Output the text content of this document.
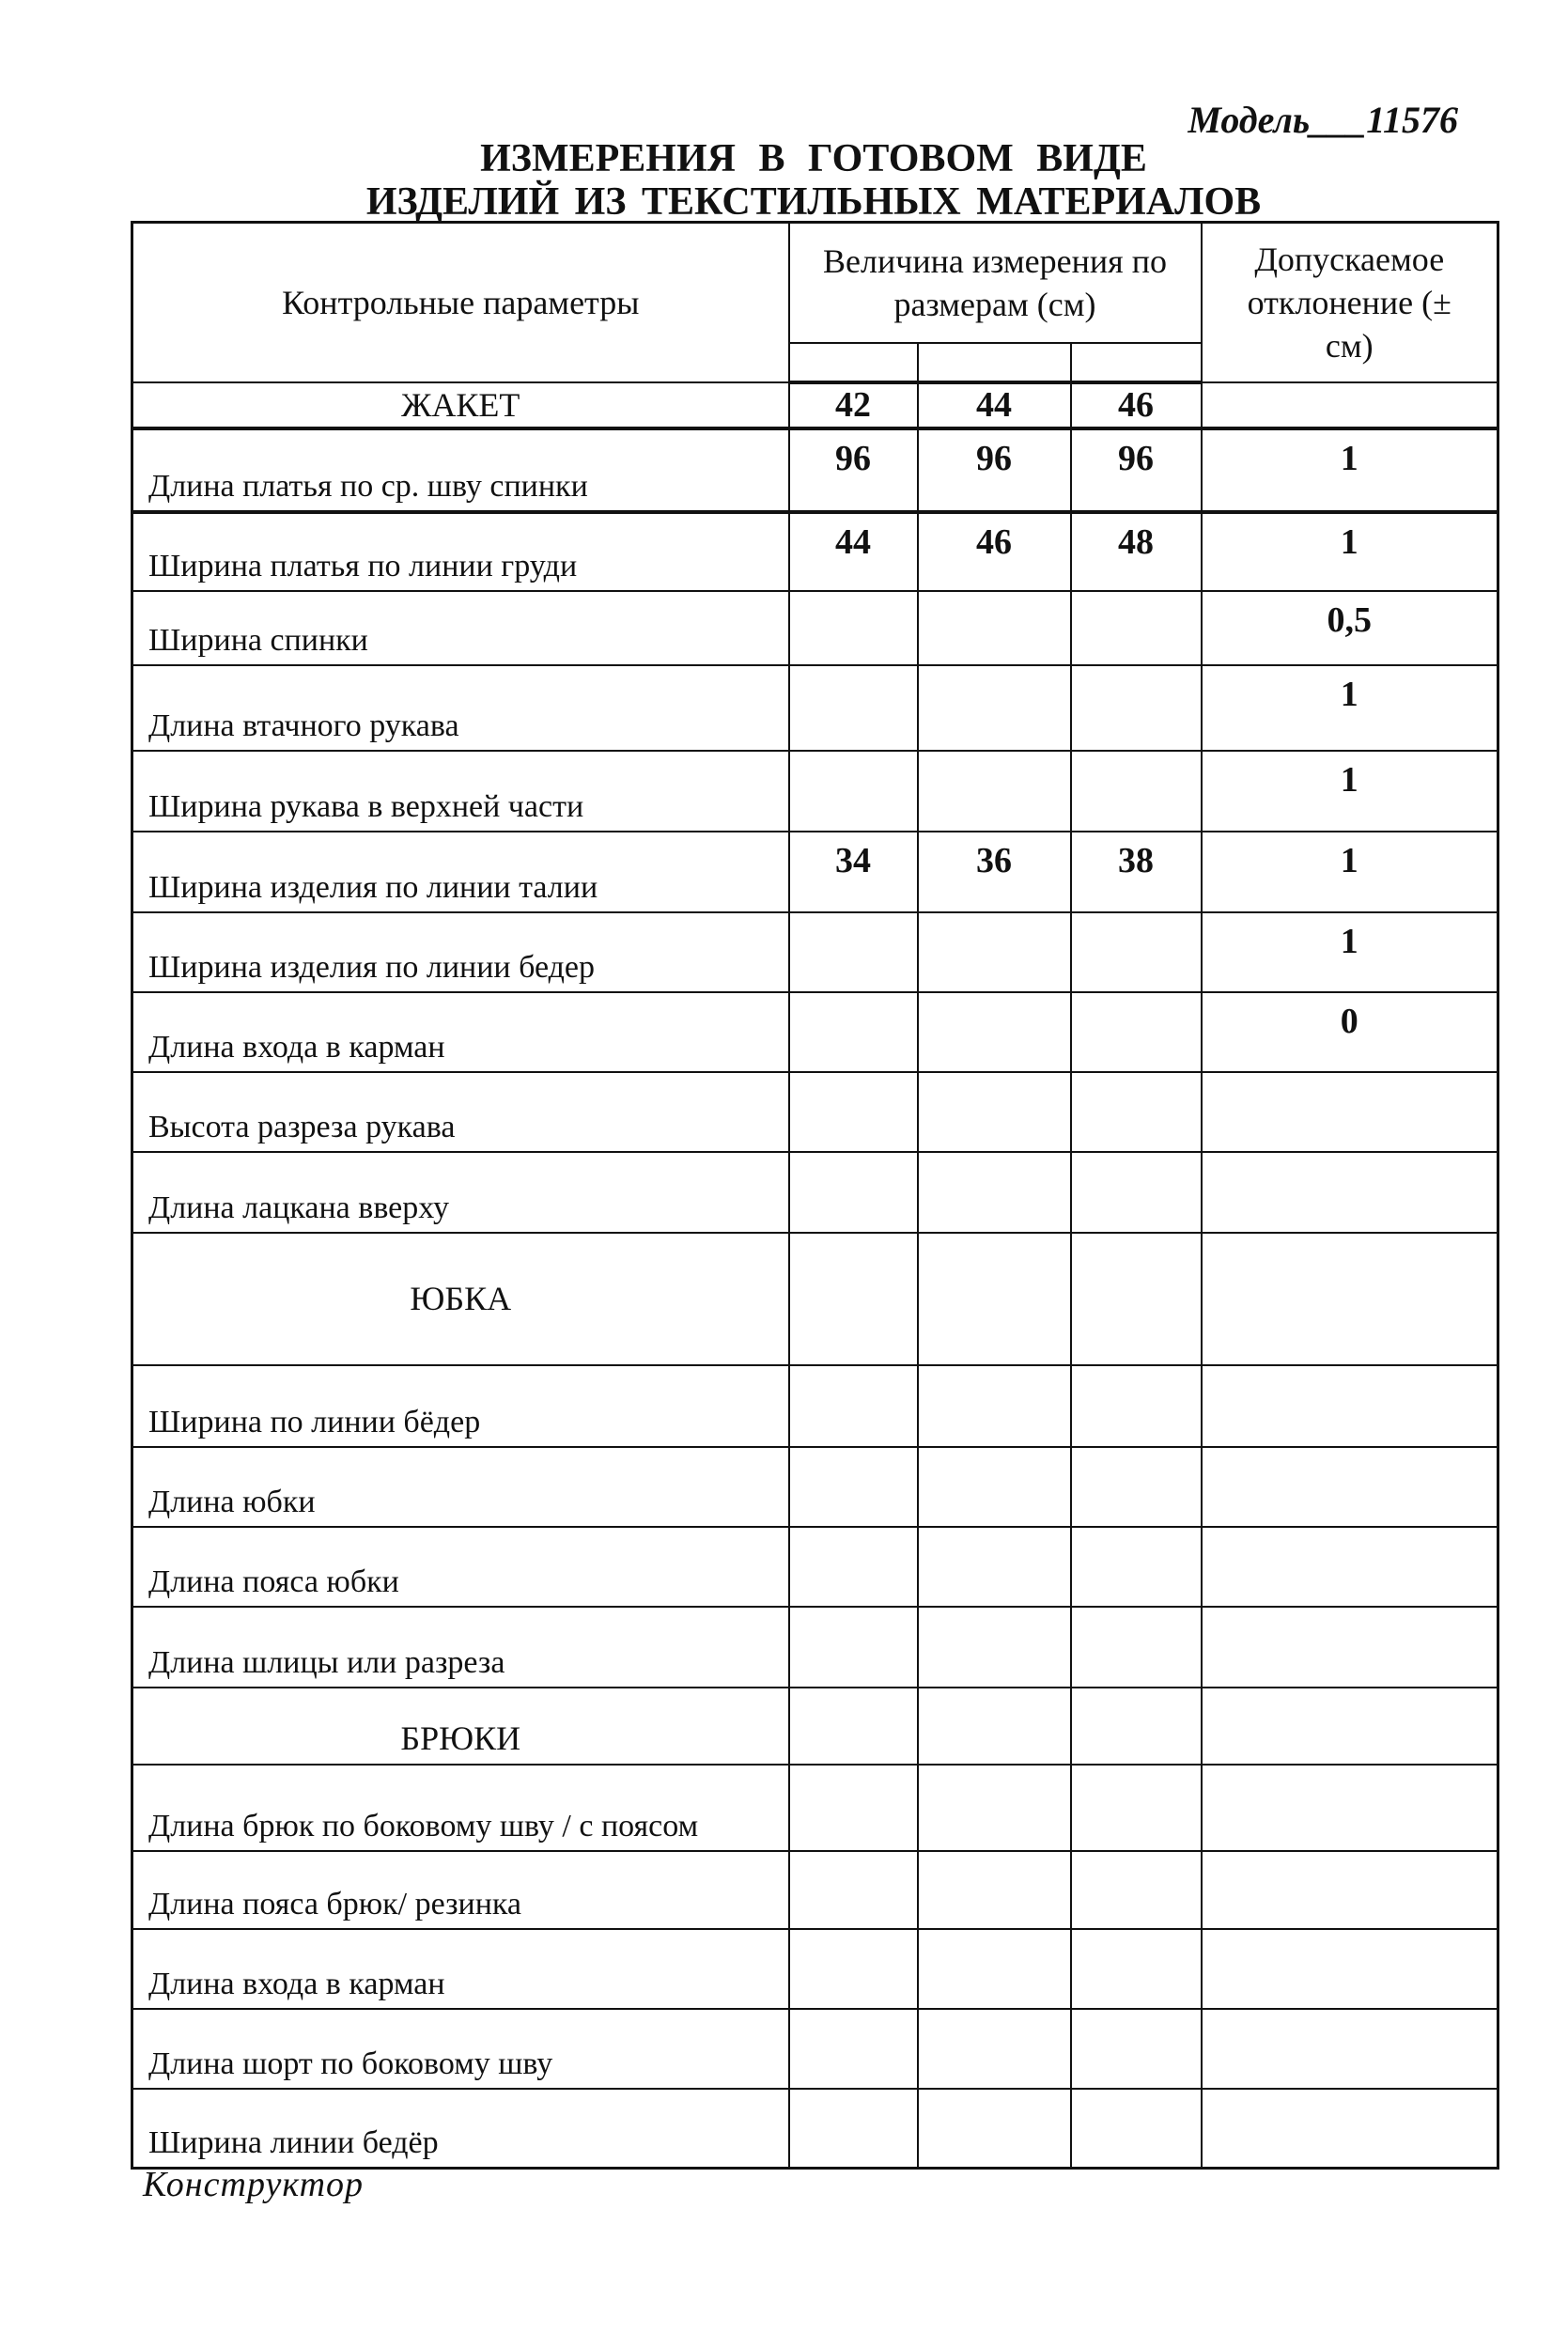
Модель___11576
ИЗМЕРЕНИЯ В ГОТОВОМ ВИДЕ
ИЗДЕЛИЙ ИЗ ТЕКСТИЛЬНЫХ МАТЕРИАЛОВ
Контрольные параметры	Величина измерения по размерам (см)			Допускаемое отклонение (± см)

ЖАКЕТ	42	44	46	
Длина платья по ср. шву спинки	96	96	96	1
Ширина платья по линии груди	44	46	48	1
Ширина спинки				0,5
Длина втачного рукава				1
Ширина рукава в верхней части				1
Ширина изделия по линии талии	34	36	38	1
Ширина изделия по линии бедер				1
Длина входа в карман				0
Высота разреза рукава				
Длина лацкана вверху				
ЮБКА				
Ширина по линии бёдер				
Длина юбки				
Длина пояса юбки				
Длина шлицы или разреза				
БРЮКИ				
Длина брюк по боковому шву / с поясом				
Длина пояса брюк/ резинка				
Длина входа в карман				
Длина шорт по боковому шву				
Ширина линии бедёр				
Конструктор
